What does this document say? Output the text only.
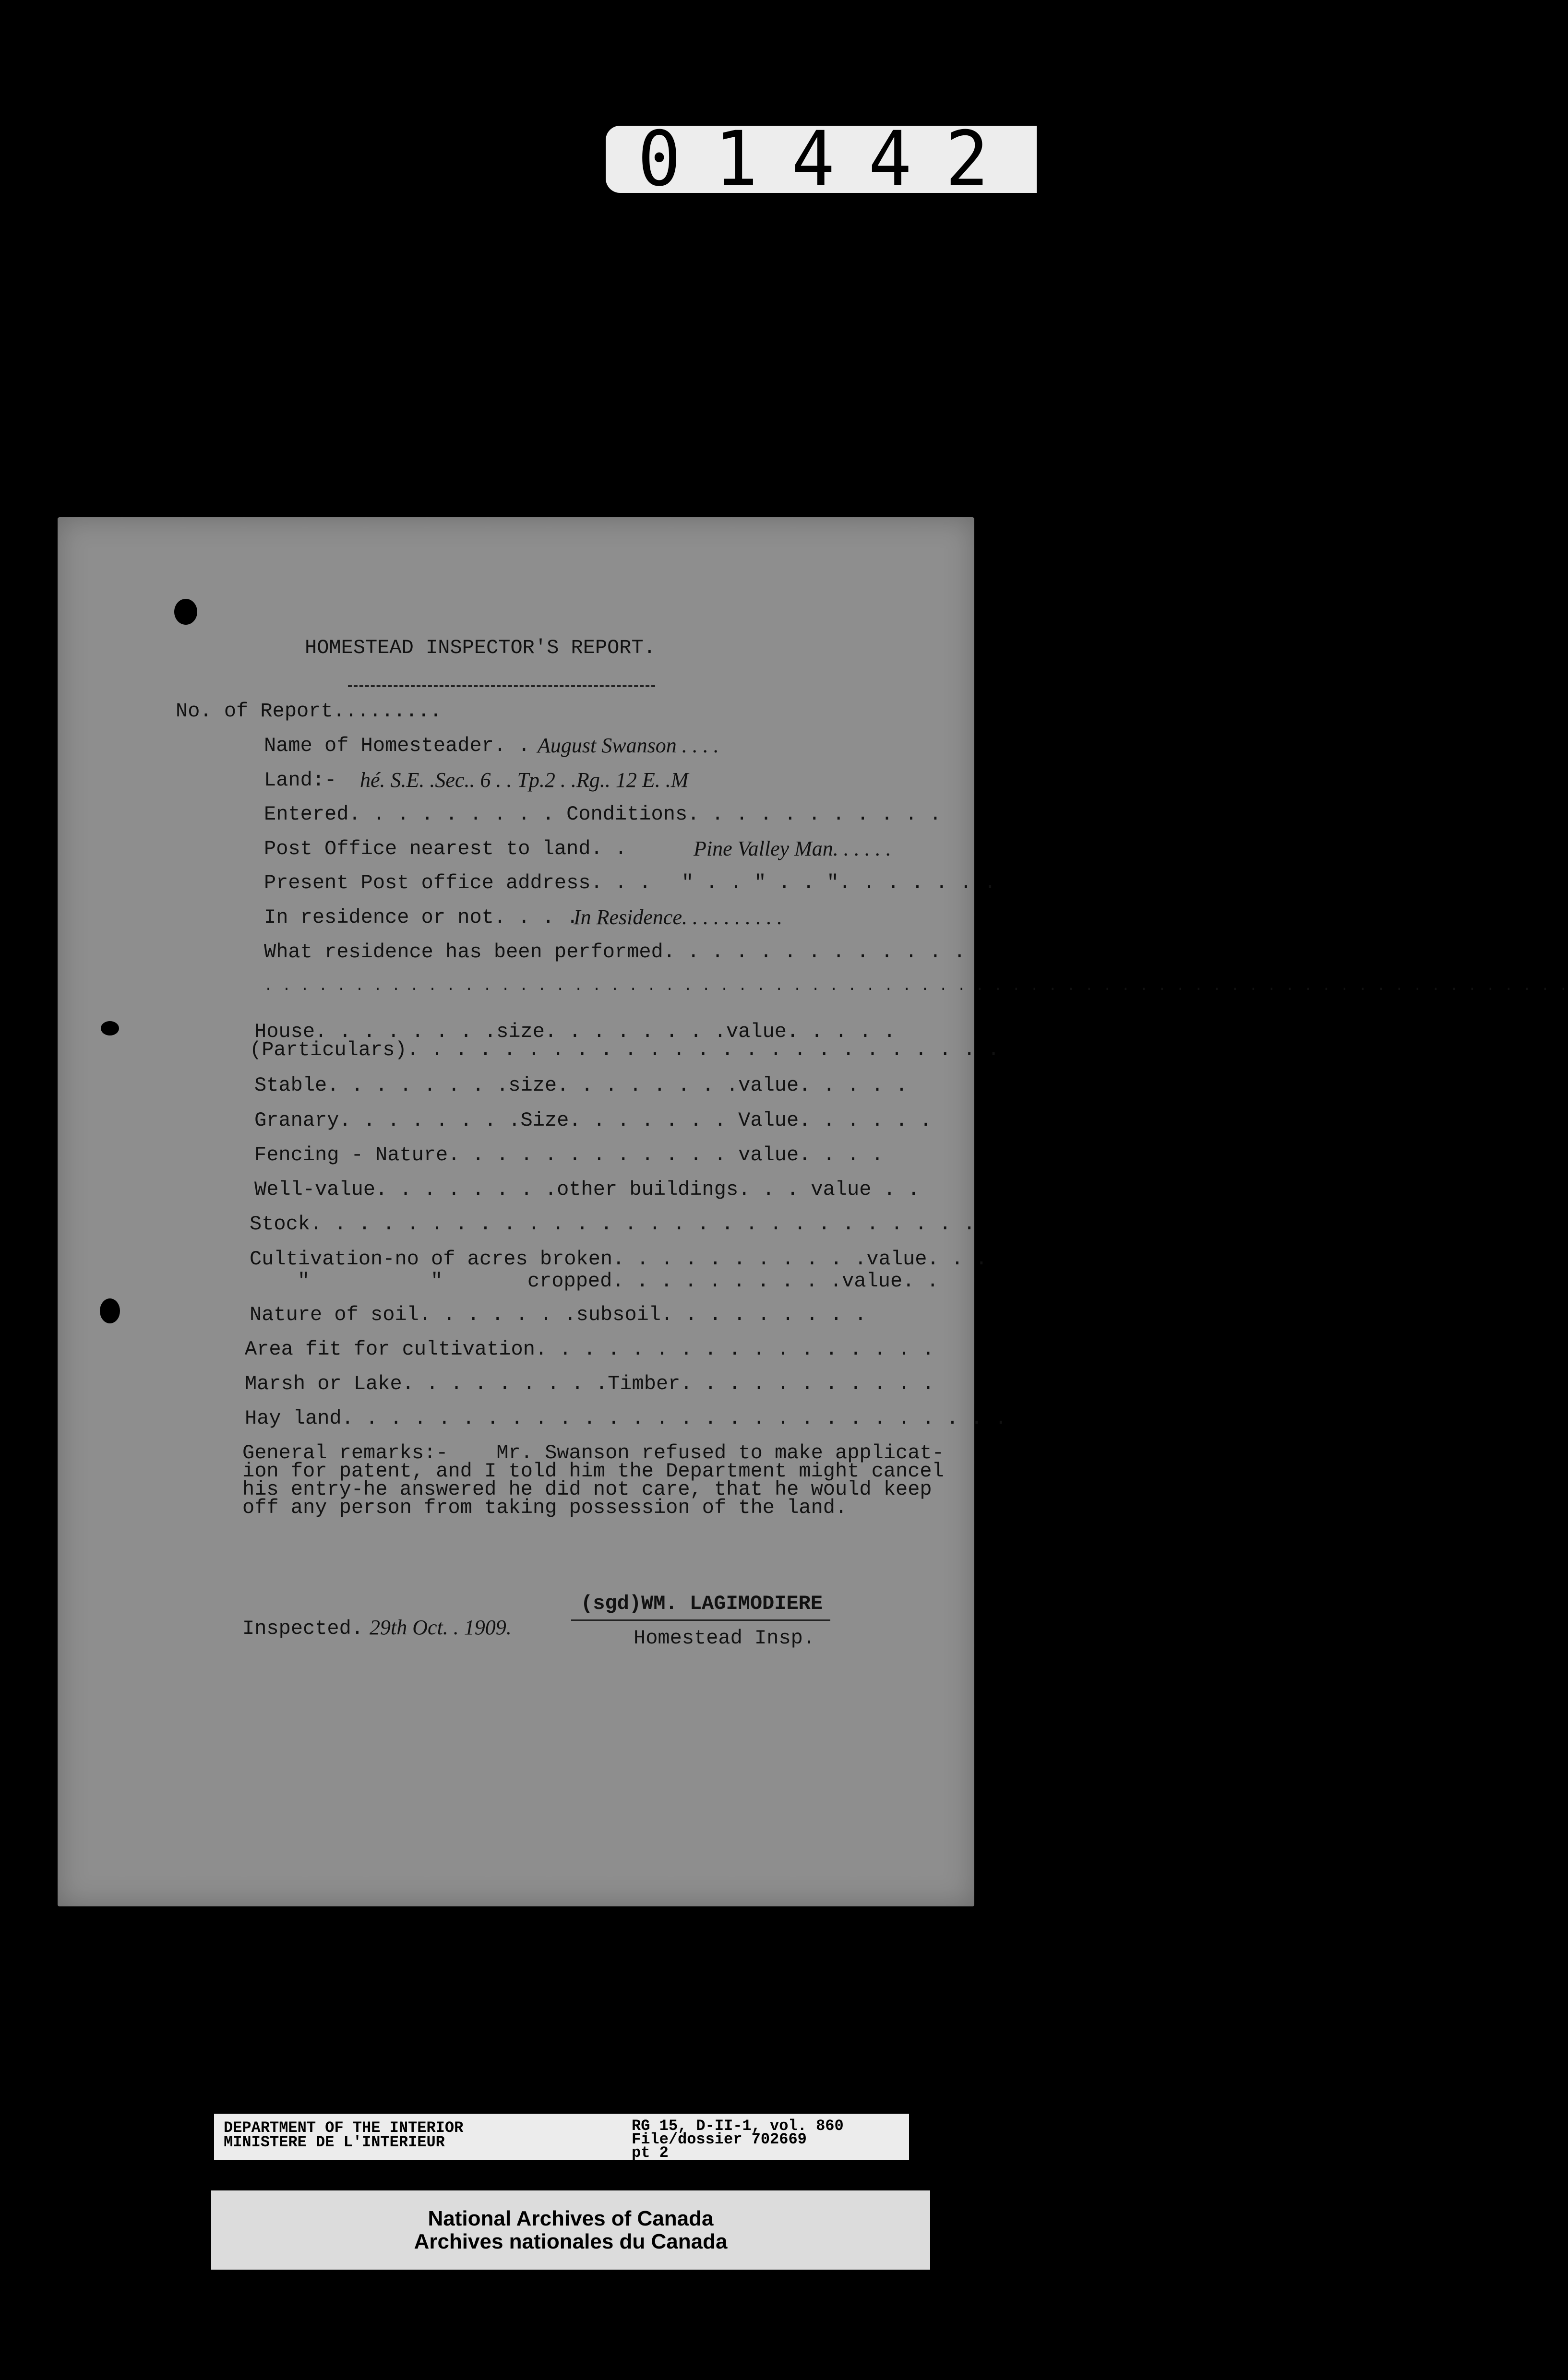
001442
HOMESTEAD INSPECTOR'S REPORT.
No. of Report.........
Name of Homesteader. . August Swanson . . . .
Land:- hé. S.E. .Sec.. 6 . . Tp.2 . .Rg.. 12 E. .M
Entered. . . . . . . . . Conditions. . . . . . . . . . .
Post Office nearest to land. .	Pine Valley Man. . . . . .
Present Post office address. . . " . . " . . ". . . . . . .
In residence or not. . . .
In Residence. . . . . . . . . .
What residence has been performed. . . . . . . . . . . . .
. . . . . . . . . . . . . . . . . . . . . . . . . . . . . . . . . . . . . . . . . . . . . . . . . . . . . . . . . . . . . . . . . . . . . . . .
House. . . . . . . .size. . . . . . . .value. . . . .
(Particulars). . . . . . . . . . . . . . . . . . . . . . . . .
Stable. . . . . . . .size. . . . . . . .value. . . . .
Granary. . . . . . . .Size. . . . . . . Value. . . . . .
Fencing - Nature. . . . . . . . . . . . value. . . .
Well-value. . . . . . . .other buildings. . . value . .
Stock. . . . . . . . . . . . . . . . . . . . . . . . . . . .
Cultivation-no of acres broken. . . . . . . . . . .value. . .
"          "       cropped. . . . . . . . . .value. .
Nature of soil. . . . . . .subsoil. . . . . . . . .
Area fit for cultivation. . . . . . . . . . . . . . . . .
Marsh or Lake. . . . . . . . .Timber. . . . . . . . . . .
Hay land. . . . . . . . . . . . . . . . . . . . . . . . . . . .
General remarks:-    Mr. Swanson refused to make applicat-
ion for patent, and I told him the Department might cancel
his entry-he answered he did not care, that he would keep
off any person from taking possession of the land.
(sgd)WM. LAGIMODIERE
Inspected. 29th Oct. . 1909.	Homestead Insp.
DEPARTMENT OF THE INTERIOR
MINISTERE DE L'INTERIEUR
RG 15, D-II-1, vol. 860
File/dossier 702669
pt 2
National Archives of Canada
Archives nationales du Canada
